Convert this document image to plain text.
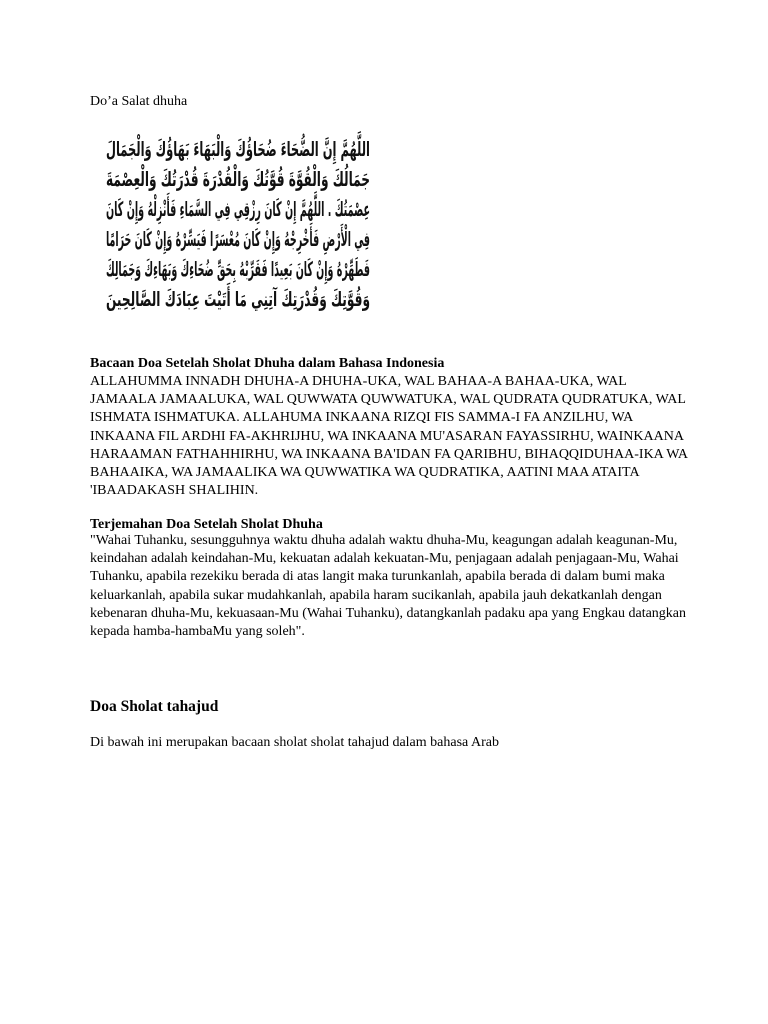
Do’a Salat dhuha
اللَّهُمَّ إِنَّ الضُّحَاءَ ضُحَاؤُكَ وَالْبَهَاءَ بَهَاؤُكَ وَالْجَمَالَ
جَمَالُكَ وَالْقُوَّةَ قُوَّتُكَ وَالْقُدْرَةَ قُدْرَتُكَ وَالْعِصْمَةَ
عِصْمَتُكَ . اللَّهُمَّ إِنْ كَانَ رِزْقِي فِي السَّمَاءِ فَأَنْزِلْهُ وَإِنْ كَانَ
فِي الْأَرْضِ فَأَخْرِجْهُ وَإِنْ كَانَ مُعْسَرًا فَيَسِّرْهُ وَإِنْ كَانَ حَرَامًا
فَطَهِّرْهُ وَإِنْ كَانَ بَعِيدًا فَقَرِّبْهُ بِحَقِّ ضُحَاءِكَ وَبَهَاءِكَ وَجَمَالِكَ
وَقُوَّتِكَ وَقُدْرَتِكَ آتِنِي مَا أَتَيْتَ عِبَادَكَ الصَّالِحِينَ

Bacaan Doa Setelah Sholat Dhuha dalam Bahasa Indonesia

ALLAHUMMA INNADH DHUHA-A DHUHA-UKA, WAL BAHAA-A BAHAA-UKA, WAL JAMAALA JAMAALUKA, WAL QUWWATA QUWWATUKA, WAL QUDRATA QUDRATUKA, WAL ISHMATA ISHMATUKA. ALLAHUMA INKAANA RIZQI FIS SAMMA-I FA ANZILHU, WA INKAANA FIL ARDHI FA-AKHRIJHU, WA INKAANA MU'ASARAN FAYASSIRHU, WAINKAANA HARAAMAN FATHAHHIRHU, WA INKAANA BA'IDAN FA QARIBHU, BIHAQQIDUHAA-IKA WA BAHAAIKA, WA JAMAALIKA WA QUWWATIKA WA QUDRATIKA, AATINI MAA ATAITA 'IBAADAKASH SHALIHIN.

Terjemahan Doa Setelah Sholat Dhuha

"Wahai Tuhanku, sesungguhnya waktu dhuha adalah waktu dhuha-Mu, keagungan adalah keagunan-Mu, keindahan adalah keindahan-Mu, kekuatan adalah kekuatan-Mu, penjagaan adalah penjagaan-Mu, Wahai Tuhanku, apabila rezekiku berada di atas langit maka turunkanlah, apabila berada di dalam bumi maka keluarkanlah, apabila sukar mudahkanlah, apabila haram sucikanlah, apabila jauh dekatkanlah dengan kebenaran dhuha-Mu, kekuasaan-Mu (Wahai Tuhanku), datangkanlah padaku apa yang Engkau datangkan kepada hamba-hambaMu yang soleh".

Doa Sholat tahajud

Di bawah ini merupakan bacaan sholat sholat tahajud dalam bahasa Arab
